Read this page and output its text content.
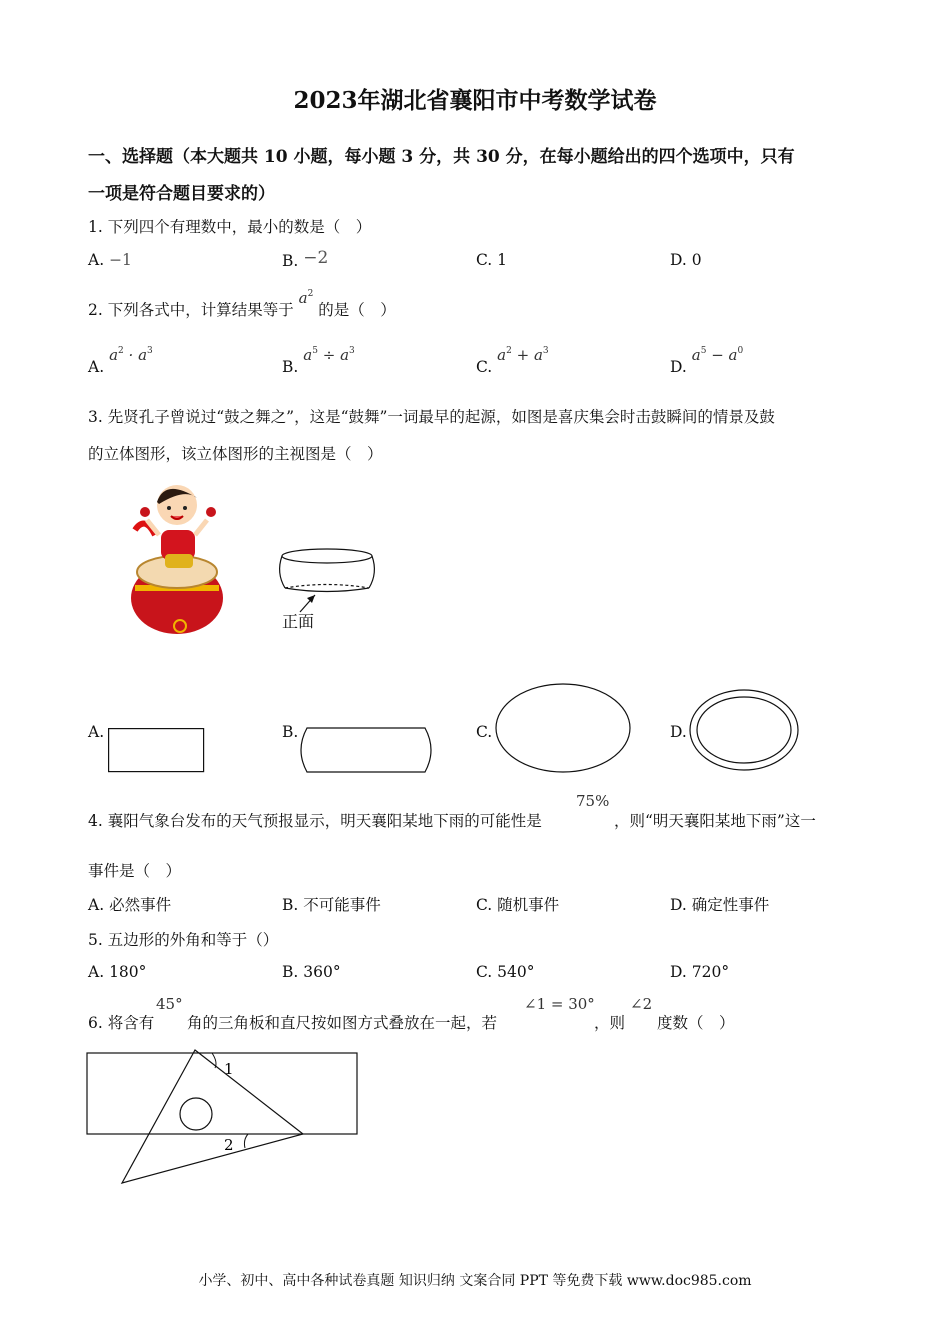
2023年湖北省襄阳市中考数学试卷
一、选择题（本大题共 10 小题，每小题 3 分，共 30 分，在每小题给出的四个选项中，只有
一项是符合题目要求的）
1. 下列四个有理数中，最小的数是（　）
A. −1	B. −2	C. 1	D. 0
2. 下列各式中，计算结果等于 $a^2$ 的是（　）
A. $a^2 \cdot a^3$
B. $a^5 \div a^3$
C. $a^2 + a^3$
D. $a^5 - a^0$
3. 先贤孔子曾说过“鼓之舞之”，这是“鼓舞”一词最早的起源，如图是喜庆集会时击鼓瞬间的情景及鼓
的立体图形，该立体图形的主视图是（　）
正面
A.	B.	C.	D.
4. 襄阳气象台发布的天气预报显示，明天襄阳某地下雨的可能性是
75%
，则“明天襄阳某地下雨”这一
事件是（　）
A. 必然事件	B. 不可能事件	C. 随机事件	D. 确定性事件
5. 五边形的外角和等于（）
A. 180°	B. 360°	C. 540°	D. 720°
6. 将含有
45°
角的三角板和直尺按如图方式叠放在一起，若
∠1 = 30°
，则
∠2
度数（　）
1
2
小学、初中、高中各种试卷真题 知识归纳 文案合同 PPT 等免费下载 www.doc985.com
